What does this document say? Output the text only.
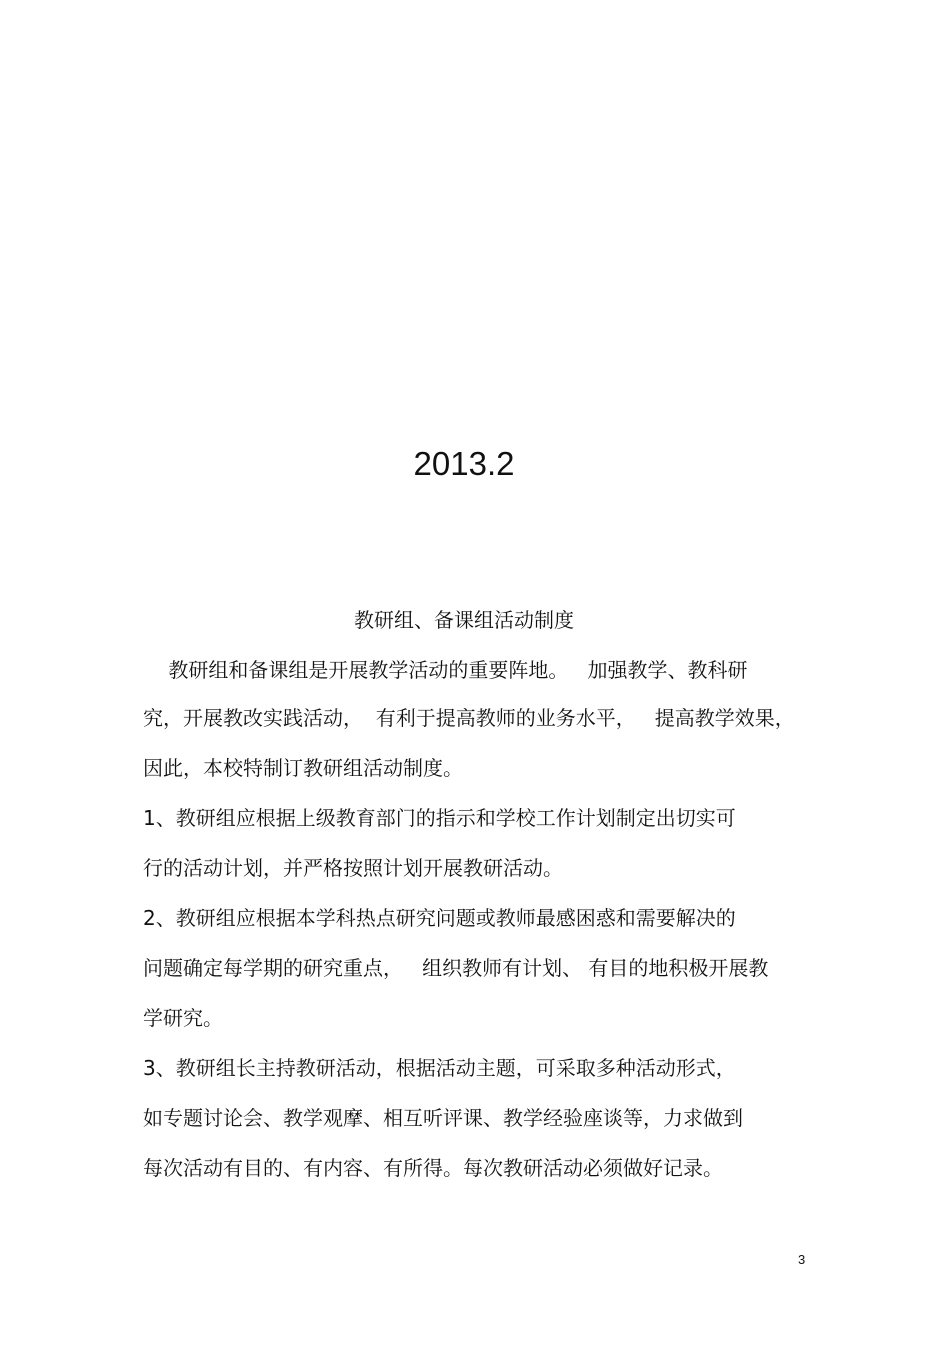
2013.2
教研组、备课组活动制度
教研组和备课组是开展教学活动的重要阵地。   加强教学、教科研
究，开展教改实践活动，  有利于提高教师的业务水平，   提高教学效果，
因此，本校特制订教研组活动制度。
1、教研组应根据上级教育部门的指示和学校工作计划制定出切实可
行的活动计划，并严格按照计划开展教研活动。
2、教研组应根据本学科热点研究问题或教师最感困惑和需要解决的
问题确定每学期的研究重点，   组织教师有计划、 有目的地积极开展教
学研究。
3、教研组长主持教研活动，根据活动主题，可采取多种活动形式，
如专题讨论会、教学观摩、相互听评课、教学经验座谈等，力求做到
每次活动有目的、有内容、有所得。每次教研活动必须做好记录。
3
